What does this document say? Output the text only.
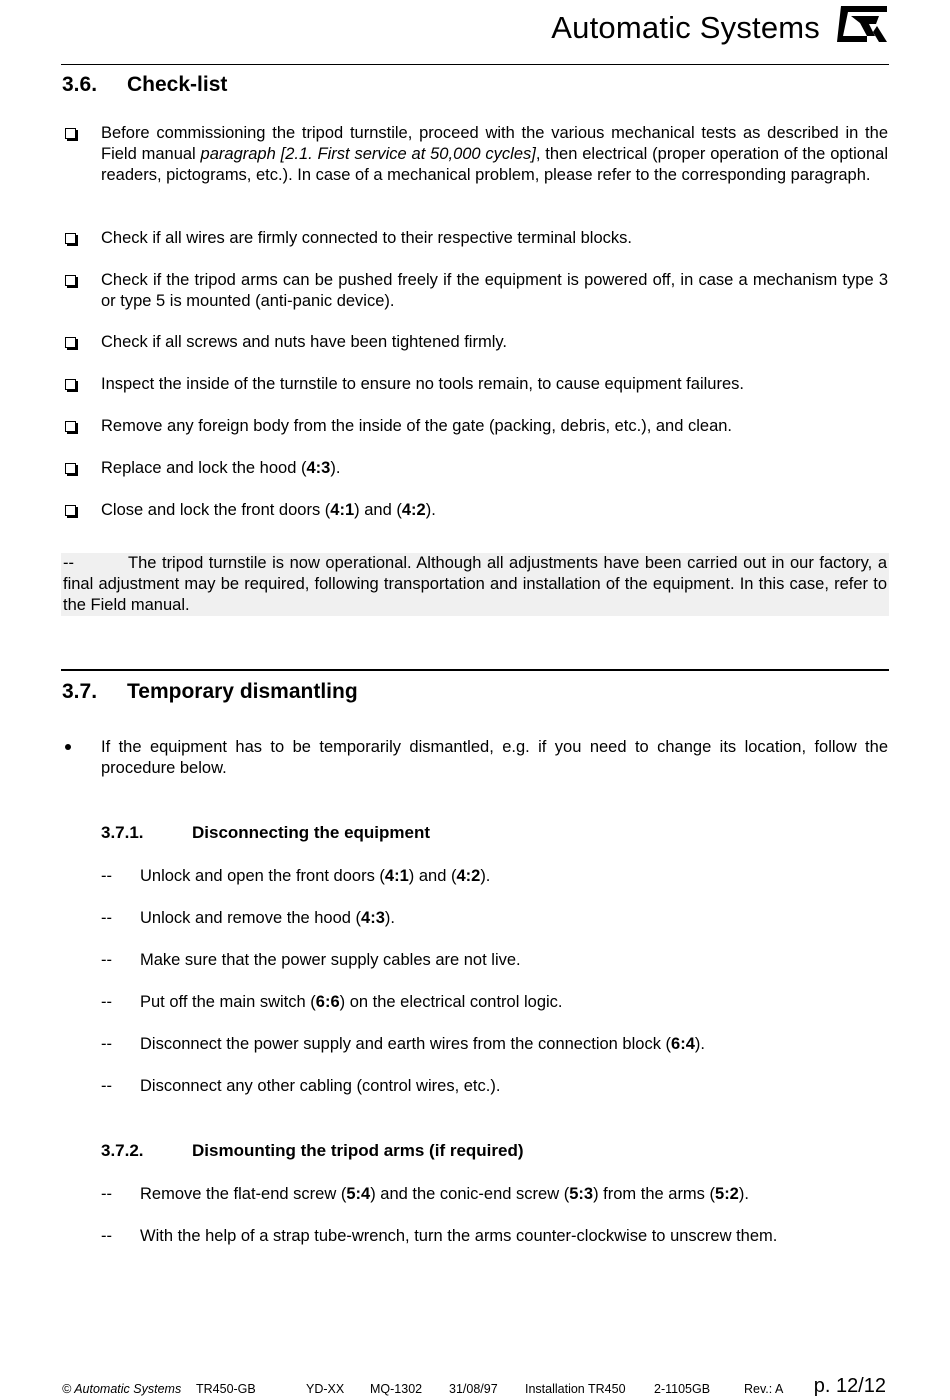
Automatic Systems
3.6. Check-list
Before commissioning the tripod turnstile, proceed with the various mechanical tests as described in the Field manual paragraph [2.1. First service at 50,000 cycles], then electrical (proper operation of the optional readers, pictograms, etc.). In case of a mechanical problem, please refer to the corresponding paragraph.
Check if all wires are firmly connected to their respective terminal blocks.
Check if the tripod arms can be pushed freely if the equipment is powered off, in case a mechanism type 3 or type 5 is mounted (anti-panic device).
Check if all screws and nuts have been tightened firmly.
Inspect the inside of the turnstile to ensure no tools remain, to cause equipment failures.
Remove any foreign body from the inside of the gate (packing, debris, etc.), and clean.
Replace and lock the hood (4:3).
Close and lock the front doors (4:1) and (4:2).
--	The tripod turnstile is now operational. Although all adjustments have been carried out in our factory, a final adjustment may be required, following transportation and installation of the equipment. In this case, refer to the Field manual.
3.7. Temporary dismantling
If the equipment has to be temporarily dismantled, e.g. if you need to change its location, follow the procedure below.
3.7.1.	Disconnecting the equipment
--	Unlock and open the front doors (4:1) and (4:2).
--	Unlock and remove the hood (4:3).
--	Make sure that the power supply cables are not live.
--	Put off the main switch (6:6) on the electrical control logic.
--	Disconnect the power supply and earth wires from the connection block (6:4).
--	Disconnect any other cabling (control wires, etc.).
3.7.2.	Dismounting the tripod arms (if required)
--	Remove the flat-end screw (5:4) and the conic-end screw (5:3) from the arms (5:2).
--	With the help of a strap tube-wrench, turn the arms counter-clockwise to unscrew them.
© Automatic Systems TR450-GB	YD-XX MQ-1302 31/08/97 Installation TR450 2-1105GB	Rev.: A p. 12/12
